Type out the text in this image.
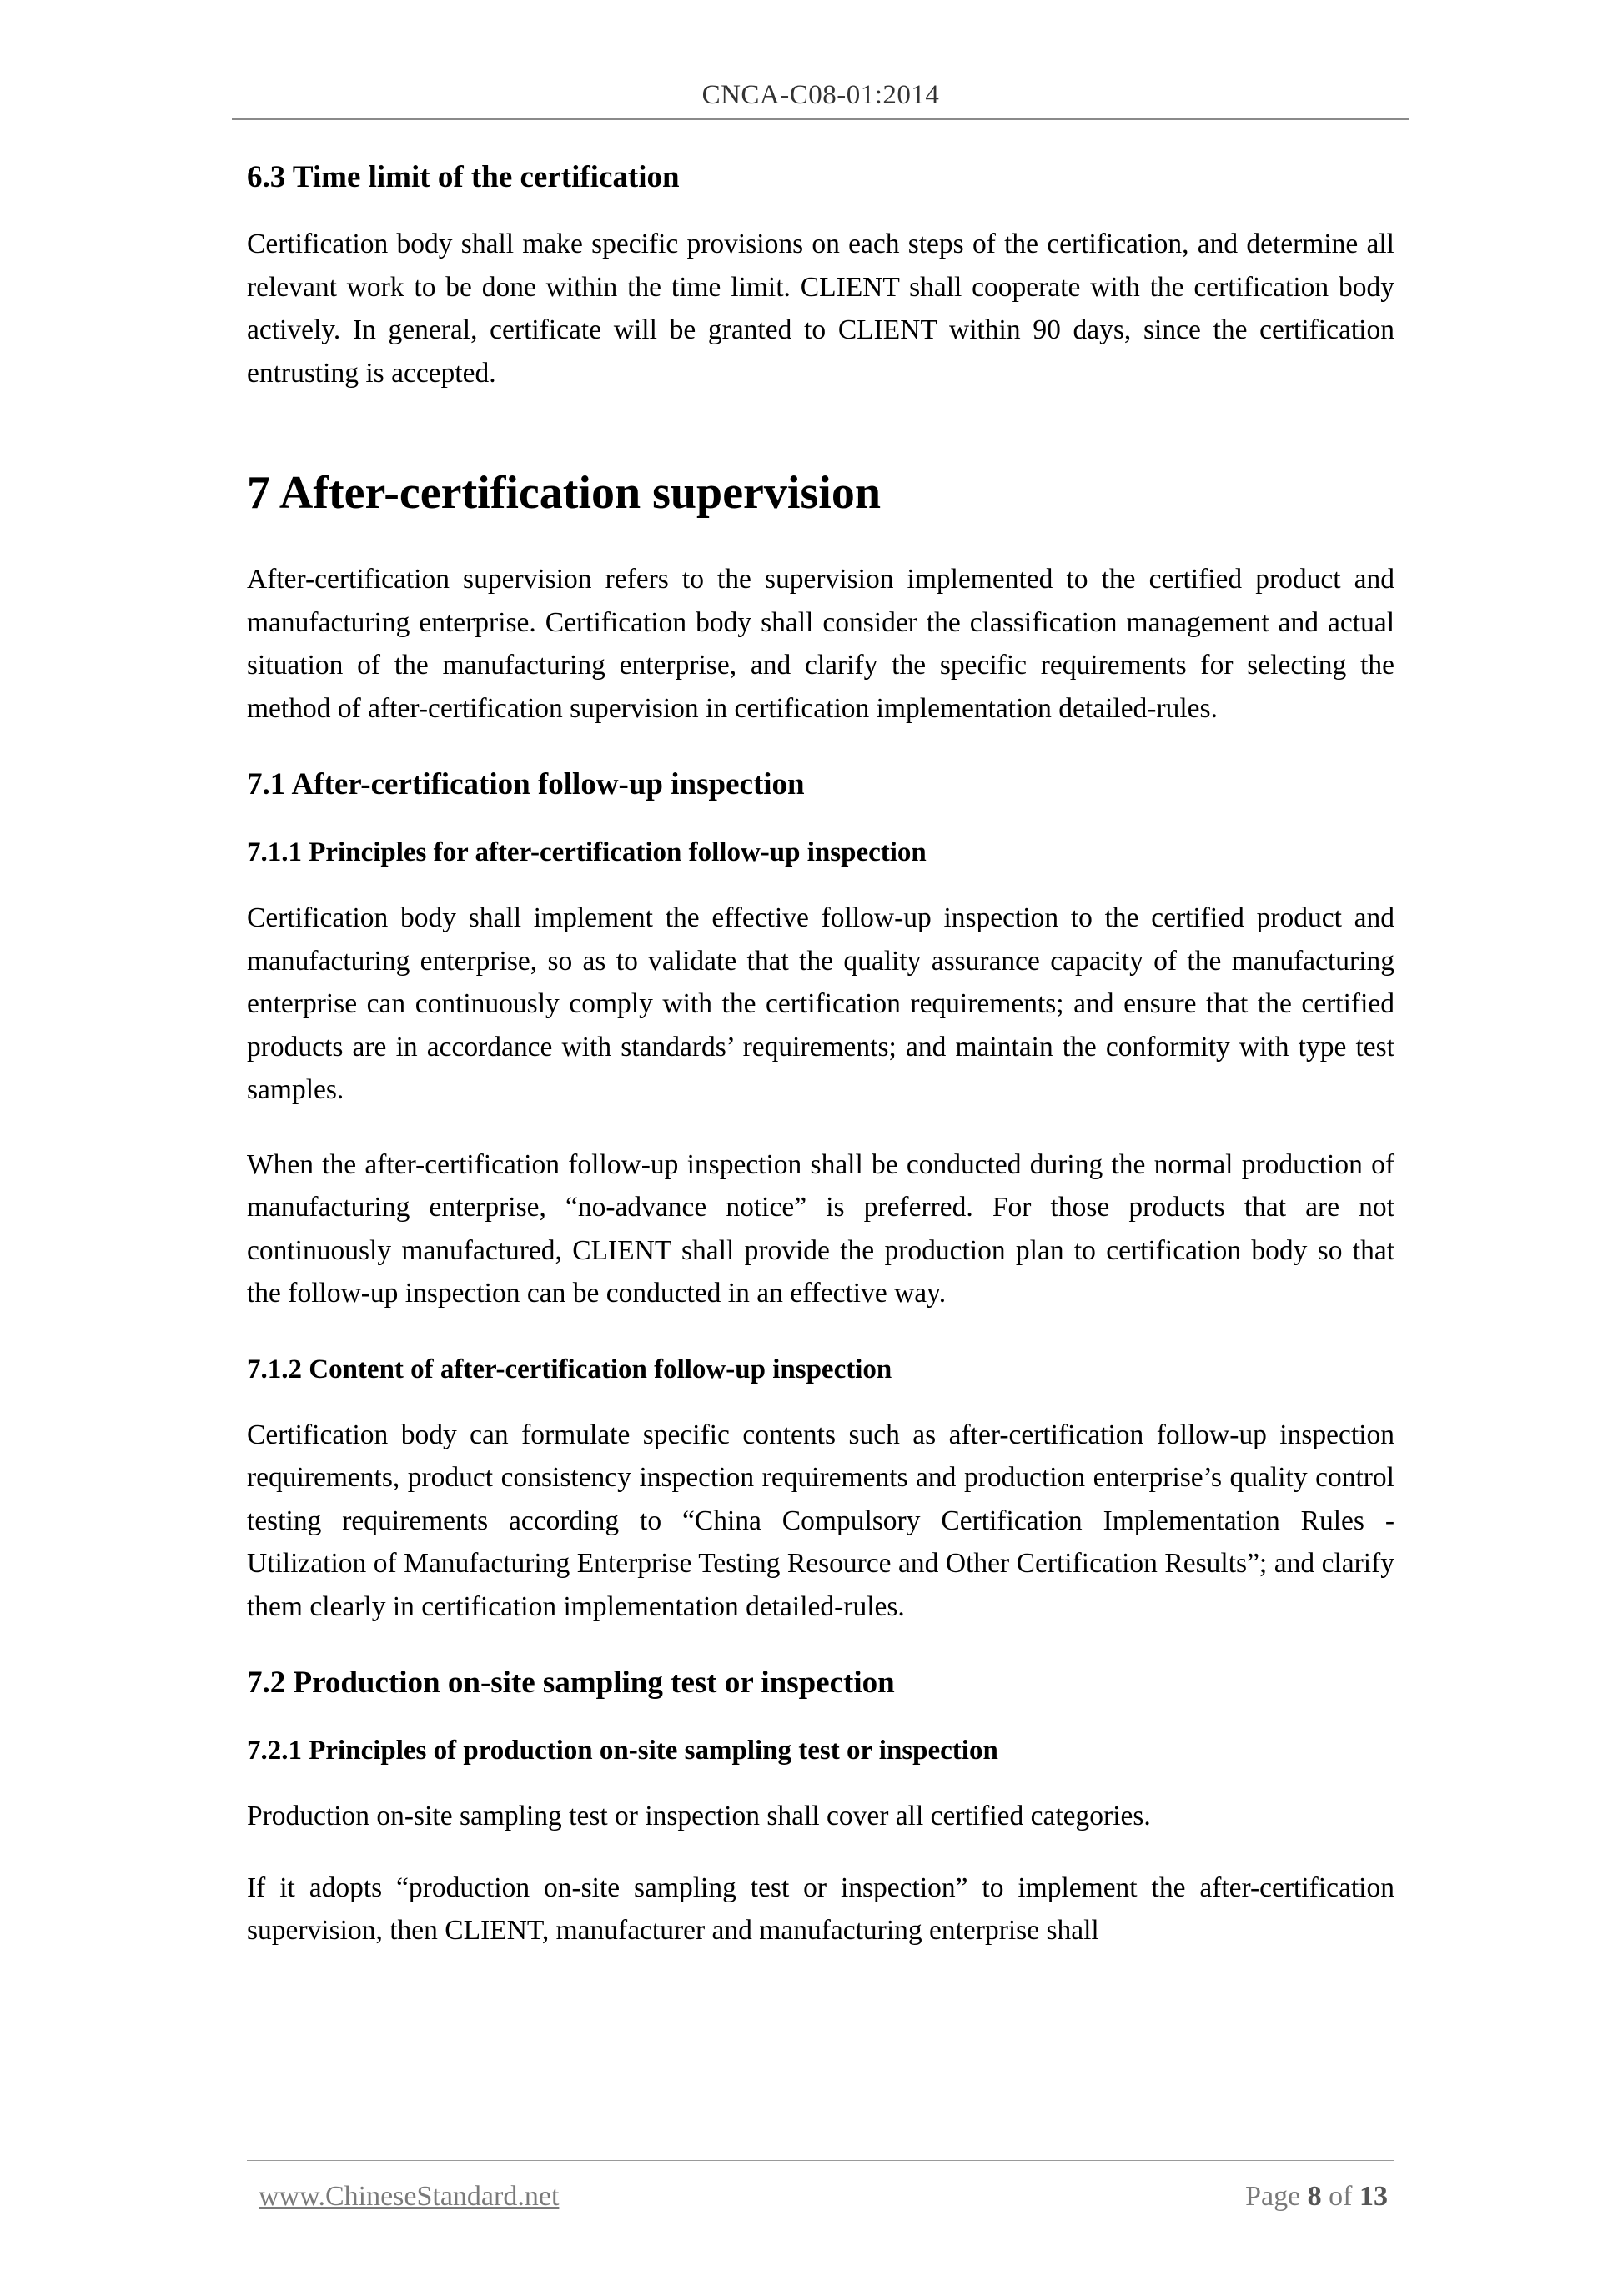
CNCA-C08-01:2014
6.3 Time limit of the certification

Certification body shall make specific provisions on each steps of the certification, and determine all relevant work to be done within the time limit. CLIENT shall cooperate with the certification body actively. In general, certificate will be granted to CLIENT within 90 days, since the certification entrusting is accepted.

7 After-certification supervision

After-certification supervision refers to the supervision implemented to the certified product and manufacturing enterprise. Certification body shall consider the classification management and actual situation of the manufacturing enterprise, and clarify the specific requirements for selecting the method of after-certification supervision in certification implementation detailed-rules.

7.1 After-certification follow-up inspection
7.1.1 Principles for after-certification follow-up inspection

Certification body shall implement the effective follow-up inspection to the certified product and manufacturing enterprise, so as to validate that the quality assurance capacity of the manufacturing enterprise can continuously comply with the certification requirements; and ensure that the certified products are in accordance with standards’ requirements; and maintain the conformity with type test samples.

When the after-certification follow-up inspection shall be conducted during the normal production of manufacturing enterprise, “no-advance notice” is preferred. For those products that are not continuously manufactured, CLIENT shall provide the production plan to certification body so that the follow-up inspection can be conducted in an effective way.

7.1.2 Content of after-certification follow-up inspection

Certification body can formulate specific contents such as after-certification follow-up inspection requirements, product consistency inspection requirements and production enterprise’s quality control testing requirements according to “China Compulsory Certification Implementation Rules - Utilization of Manufacturing Enterprise Testing Resource and Other Certification Results”; and clarify them clearly in certification implementation detailed-rules.

7.2 Production on-site sampling test or inspection
7.2.1 Principles of production on-site sampling test or inspection

Production on-site sampling test or inspection shall cover all certified categories.

If it adopts “production on-site sampling test or inspection” to implement the after-certification supervision, then CLIENT, manufacturer and manufacturing enterprise shall

www.ChineseStandard.net	Page 8 of 13
